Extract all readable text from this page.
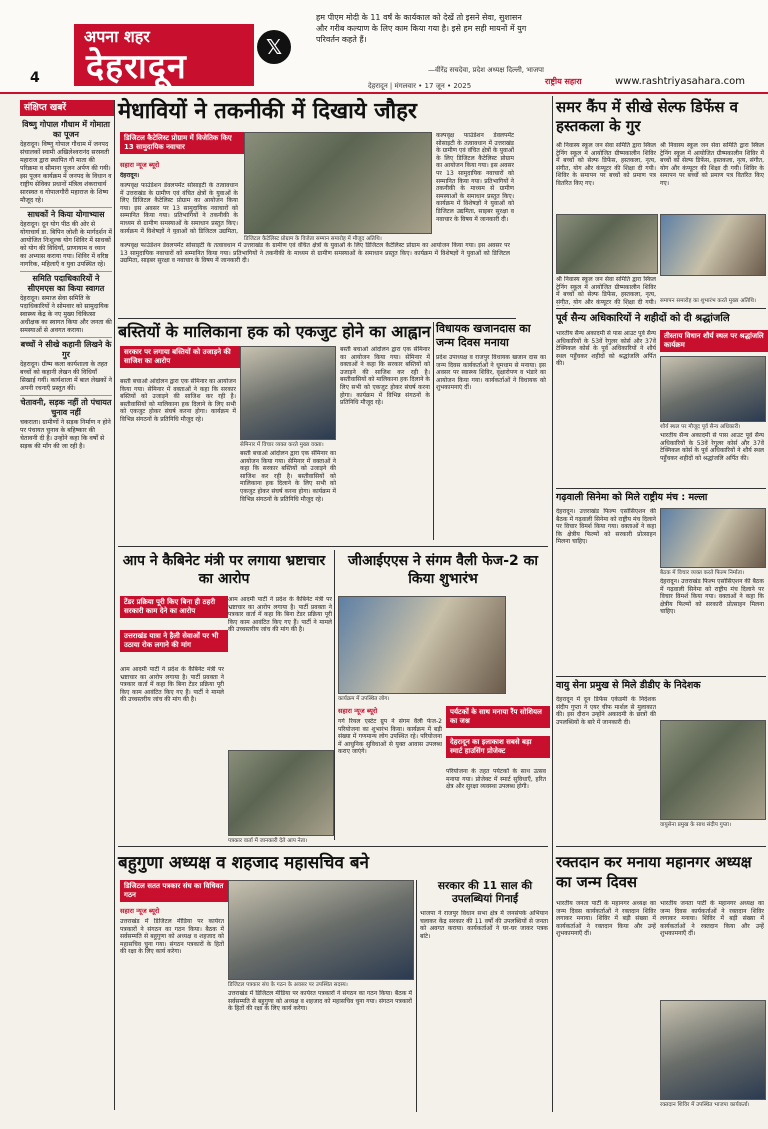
4
अपना शहर
देहरादून	𝕏
हम पीएम मोदी के 11 वर्षं के कार्यकाल को देखें तो इसने सेवा, सुशासन और गरीब कल्याण के लिए काम किया गया है। इसे हम सही मायनों में युग परिवर्तन कहते हैं।
—वीरेंद्र सचदेवा, प्रदेश अध्यक्ष दिल्ली, भाजपा
देहरादून | मंगलवार • 17 जून • 2025	राष्ट्रीय सहारा	www.rashtriyasahara.com
संक्षिप्त खबरें
विष्णु गोपाल गौधाम में गोमाता का पूजन

देहरादून। विष्णु गोपाल गौधाम में जनपद संचालकों स्वामी अखिलेश्वरानंद सरस्वती महाराज द्वारा स्थापित गौ माता की परिक्रमा व सीमाना पूजन अर्पण की गयी। इस पूजन कार्यक्रम में जनपद के विधान व राष्ट्रीय सेविका प्रधानों मंत्रित्व शंकराचार्य सारस्वत व गोपालगौरी महाराज के शिष्य मौजूद रहे।

साधकों ने किया योगाभ्यास

देहरादून। दून योग पीठ की ओर से योगाचार्य डा. बिपिन जोशी के मार्गदर्शन में आयोजित निःशुल्क योग शिविर में साधकों को योग की विधियाँ, प्राणायाम व ध्यान का अभ्यास कराया गया। शिविर में वरिष्ठ नागरिक, महिलाएँ व युवा उपस्थित रहे।

समिति पदाधिकारियों ने सीएमएस का किया स्वागत

देहरादून। समाज सेवा समिति के पदाधिकारियों ने सोमवार को सामुदायिक स्वास्थ्य केंद्र के नए मुख्य चिकित्सा अधीक्षक का स्वागत किया और जनता की समस्याओं से अवगत कराया।

बच्चों ने सीखे कहानी लिखने के गुर

देहरादून। ग्रीष्म कला कार्यशाला के तहत बच्चों को कहानी लेखन की विधियाँ सिखाई गयीं। कार्यशाला में बाल लेखकों ने अपनी रचनाएँ प्रस्तुत कीं।

चेतावनी, सड़क नहीं तो पंचायत चुनाव नहीं

चकराता। ग्रामीणों ने सड़क निर्माण न होने पर पंचायत चुनाव के बहिष्कार की चेतावनी दी है। उन्होंने कहा कि वर्षों से सड़क की माँग की जा रही है।

मेधावियों ने तकनीकी में दिखाये जौहर
डिजिटल कैटेलिस्ट प्रोग्राम में विजेतिक किए 13 सामुदायिक नवाचार
सहारा न्यूज ब्यूरो
देहरादून।
कल्पवृक्ष फाउंडेशन डेवलपमेंट सोसाइटी के तत्वावधान में उत्तराखंड के ग्रामीण एवं वंचित क्षेत्रों के युवाओं के लिए डिजिटल कैटेलिस्ट प्रोग्राम का आयोजन किया गया। इस अवसर पर 13 सामुदायिक नवाचारों को सम्मानित किया गया। प्रतिभागियों ने तकनीकी के माध्यम से ग्रामीण समस्याओं के समाधान प्रस्तुत किए। कार्यक्रम में विशेषज्ञों ने युवाओं को डिजिटल उद्यमिता,
डिजिटल कैटेलिस्ट प्रोग्राम के विजेता सम्मान समारोह में मौजूद अतिथि।
कल्पवृक्ष फाउंडेशन डेवलपमेंट सोसाइटी के तत्वावधान में उत्तराखंड के ग्रामीण एवं वंचित क्षेत्रों के युवाओं के लिए डिजिटल कैटेलिस्ट प्रोग्राम का आयोजन किया गया। इस अवसर पर 13 सामुदायिक नवाचारों को सम्मानित किया गया। प्रतिभागियों ने तकनीकी के माध्यम से ग्रामीण समस्याओं के समाधान प्रस्तुत किए। कार्यक्रम में विशेषज्ञों ने युवाओं को डिजिटल उद्यमिता, साइबर सुरक्षा व नवाचार के विषय में जानकारी दी।
कल्पवृक्ष फाउंडेशन डेवलपमेंट सोसाइटी के तत्वावधान में उत्तराखंड के ग्रामीण एवं वंचित क्षेत्रों के युवाओं के लिए डिजिटल कैटेलिस्ट प्रोग्राम का आयोजन किया गया। इस अवसर पर 13 सामुदायिक नवाचारों को सम्मानित किया गया। प्रतिभागियों ने तकनीकी के माध्यम से ग्रामीण समस्याओं के समाधान प्रस्तुत किए। कार्यक्रम में विशेषज्ञों ने युवाओं को डिजिटल उद्यमिता, साइबर सुरक्षा व नवाचार के विषय में जानकारी दी।
बस्तियों के मालिकाना हक को एकजुट होने का आह्वान
सरकार पर लगाया बस्तियों को उजाड़ने की साजिश का आरोप
बस्ती बचाओ आंदोलन द्वारा एक सेमिनार का आयोजन किया गया। सेमिनार में वक्ताओं ने कहा कि सरकार बस्तियों को उजाड़ने की साजिश कर रही है। बस्तीवासियों को मालिकाना हक दिलाने के लिए सभी को एकजुट होकर संघर्ष करना होगा। कार्यक्रम में विभिन्न संगठनों के प्रतिनिधि मौजूद रहे।
सेमिनार में विचार व्यक्त करते मुख्य वक्ता।
बस्ती बचाओ आंदोलन द्वारा एक सेमिनार का आयोजन किया गया। सेमिनार में वक्ताओं ने कहा कि सरकार बस्तियों को उजाड़ने की साजिश कर रही है। बस्तीवासियों को मालिकाना हक दिलाने के लिए सभी को एकजुट होकर संघर्ष करना होगा। कार्यक्रम में विभिन्न संगठनों के प्रतिनिधि मौजूद रहे।
बस्ती बचाओ आंदोलन द्वारा एक सेमिनार का आयोजन किया गया। सेमिनार में वक्ताओं ने कहा कि सरकार बस्तियों को उजाड़ने की साजिश कर रही है। बस्तीवासियों को मालिकाना हक दिलाने के लिए सभी को एकजुट होकर संघर्ष करना होगा। कार्यक्रम में विभिन्न संगठनों के प्रतिनिधि मौजूद रहे।
विधायक खजानदास का जन्म दिवस मनाया
प्रदेश उपाध्यक्ष व राजपुर विधायक खजान दास का जन्म दिवस कार्यकर्ताओं ने धूमधाम से मनाया। इस अवसर पर स्वास्थ्य शिविर, वृक्षारोपण व भंडारे का आयोजन किया गया। कार्यकर्ताओं ने विधायक को शुभकामनाएं दीं।
आप ने कैबिनेट मंत्री पर लगाया भ्रष्टाचार का आरोप
टेंडर प्रक्रिया पूरी किए बिना ही ठहरी सरकारी काम देने का आरोप
उत्तराखंड यात्रा ने हैली सेवाओं पर भी उठाया रोक लगाने की मांग
आम आदमी पार्टी ने प्रदेश के कैबिनेट मंत्री पर भ्रष्टाचार का आरोप लगाया है। पार्टी प्रवक्ता ने पत्रकार वार्ता में कहा कि बिना टेंडर प्रक्रिया पूरी किए काम आवंटित किए गए हैं। पार्टी ने मामले की उच्चस्तरीय जांच की मांग की है।
आम आदमी पार्टी ने प्रदेश के कैबिनेट मंत्री पर भ्रष्टाचार का आरोप लगाया है। पार्टी प्रवक्ता ने पत्रकार वार्ता में कहा कि बिना टेंडर प्रक्रिया पूरी किए काम आवंटित किए गए हैं। पार्टी ने मामले की उच्चस्तरीय जांच की मांग की है।
पत्रकार वार्ता में जानकारी देते आप नेता।
जीआईएएस ने संगम वैली फेज-2 का किया शुभारंभ
कार्यक्रम में उपस्थित लोग।
सहारा न्यूज ब्यूरो
गर्ग रियल एस्टेट ग्रुप ने संगम वैली फेज-2 परियोजना का शुभारंभ किया। कार्यक्रम में बड़ी संख्या में गणमान्य लोग उपस्थित रहे। परियोजना में आधुनिक सुविधाओं से युक्त आवास उपलब्ध कराए जाएंगे।
पर्यटकों के साथ मनाया रैंप सोशियल का जश्न
देहरादून का इलाकाश सबसे बड़ा स्मार्ट हाउसिंग प्रोजेक्ट
परियोजना के तहत पर्यटकों के साथ उत्सव मनाया गया। प्रोजेक्ट में स्मार्ट सुविधाएँ, हरित क्षेत्र और सुरक्षा व्यवस्था उपलब्ध होगी।
बहुगुणा अध्यक्ष व शहजाद महासचिव बने
डिजिटल सतत पत्रकार संघ का विधिवत गठन
सहारा न्यूज ब्यूरो
उत्तराखंड में डिजिटल मीडिया पर कार्यरत पत्रकारों ने संगठन का गठन किया। बैठक में सर्वसम्मति से बहुगुणा को अध्यक्ष व शहजाद को महासचिव चुना गया। संगठन पत्रकारों के हितों की रक्षा के लिए कार्य करेगा।
डिजिटल पत्रकार संघ के गठन के अवसर पर उपस्थित सदस्य।
उत्तराखंड में डिजिटल मीडिया पर कार्यरत पत्रकारों ने संगठन का गठन किया। बैठक में सर्वसम्मति से बहुगुणा को अध्यक्ष व शहजाद को महासचिव चुना गया। संगठन पत्रकारों के हितों की रक्षा के लिए कार्य करेगा।
सरकार की 11 साल की उपलब्धियां गिनाईं
भाजपा ने राजपुर विधान सभा क्षेत्र में जनसंपर्क अभियान चलाकर केंद्र सरकार की 11 वर्षों की उपलब्धियों से जनता को अवगत कराया। कार्यकर्ताओं ने घर-घर जाकर पत्रक बांटे।
समर कैंप में सीखे सेल्फ डिफेंस व हस्तकला के गुर
श्री निवास्य स्कूल जन सेवा समिति द्वारा स्किल ट्रेनिंग स्कूल में आयोजित ग्रीष्मकालीन शिविर में बच्चों को सेल्फ डिफेंस, हस्तकला, नृत्य, संगीत, योग और कंप्यूटर की शिक्षा दी गयी। शिविर के समापन पर बच्चों को प्रमाण पत्र वितरित किए गए।
श्री निवास्य स्कूल जन सेवा समिति द्वारा स्किल ट्रेनिंग स्कूल में आयोजित ग्रीष्मकालीन शिविर में बच्चों को सेल्फ डिफेंस, हस्तकला, नृत्य, संगीत, योग और कंप्यूटर की शिक्षा दी गयी। शिविर के समापन पर बच्चों को प्रमाण पत्र वितरित किए गए।
श्री निवास्य स्कूल जन सेवा समिति द्वारा स्किल ट्रेनिंग स्कूल में आयोजित ग्रीष्मकालीन शिविर में बच्चों को सेल्फ डिफेंस, हस्तकला, नृत्य, संगीत, योग और कंप्यूटर की शिक्षा दी गयी। समापन समारोह का शुभारंभ करते मुख्य अतिथि।
पूर्व सैन्य अधिकारियों ने शहीदों को दी श्रद्धांजलि
भारतीय सैन्य अकादमी से पास आउट पूर्व सैन्य अधिकारियों के 53वें रेगुलर कोर्स और 37वें टेक्निकल कोर्स के पूर्व अधिकारियों ने शौर्य स्थल पहुँचकर शहीदों को श्रद्धांजलि अर्पित की।
तीस्ताय विधान शौर्य स्थल पर श्रद्धांजलि कार्यक्रम
शौर्य स्थल पर मौजूद पूर्व सैन्य अधिकारी।
भारतीय सैन्य अकादमी से पास आउट पूर्व सैन्य अधिकारियों के 53वें रेगुलर कोर्स और 37वें टेक्निकल कोर्स के पूर्व अधिकारियों ने शौर्य स्थल पहुँचकर शहीदों को श्रद्धांजलि अर्पित की।
गढ़वाली सिनेमा को मिले राष्ट्रीय मंच : मल्ला
देहरादून। उत्तराखंड फिल्म एसोसिएशन की बैठक में गढ़वाली सिनेमा को राष्ट्रीय मंच दिलाने पर विचार विमर्श किया गया। वक्ताओं ने कहा कि क्षेत्रीय फिल्मों को सरकारी प्रोत्साहन मिलना चाहिए।
बैठक में विचार व्यक्त करते फिल्म निर्माता।
देहरादून। उत्तराखंड फिल्म एसोसिएशन की बैठक में गढ़वाली सिनेमा को राष्ट्रीय मंच दिलाने पर विचार विमर्श किया गया। वक्ताओं ने कहा कि क्षेत्रीय फिल्मों को सरकारी प्रोत्साहन मिलना चाहिए।
वायु सेना प्रमुख से मिले डीडीए के निदेशक
देहरादून में दून डिफेंस एकेडमी के निदेशक संदीप गुप्ता ने एयर चीफ मार्शल से मुलाकात की। इस दौरान उन्होंने अकादमी के छात्रों की उपलब्धियों के बारे में जानकारी दी।
वायुसेना प्रमुख के साथ संदीप गुप्ता।
रक्तदान कर मनाया महानगर अध्यक्ष का जन्म दिवस
भारतीय जनता पार्टी के महानगर अध्यक्ष का जन्म दिवस कार्यकर्ताओं ने रक्तदान शिविर लगाकर मनाया। शिविर में बड़ी संख्या में कार्यकर्ताओं ने रक्तदान किया और उन्हें शुभकामनाएँ दीं।
भारतीय जनता पार्टी के महानगर अध्यक्ष का जन्म दिवस कार्यकर्ताओं ने रक्तदान शिविर लगाकर मनाया। शिविर में बड़ी संख्या में कार्यकर्ताओं ने रक्तदान किया और उन्हें शुभकामनाएँ दीं।
रक्तदान शिविर में उपस्थित भाजपा कार्यकर्ता।
